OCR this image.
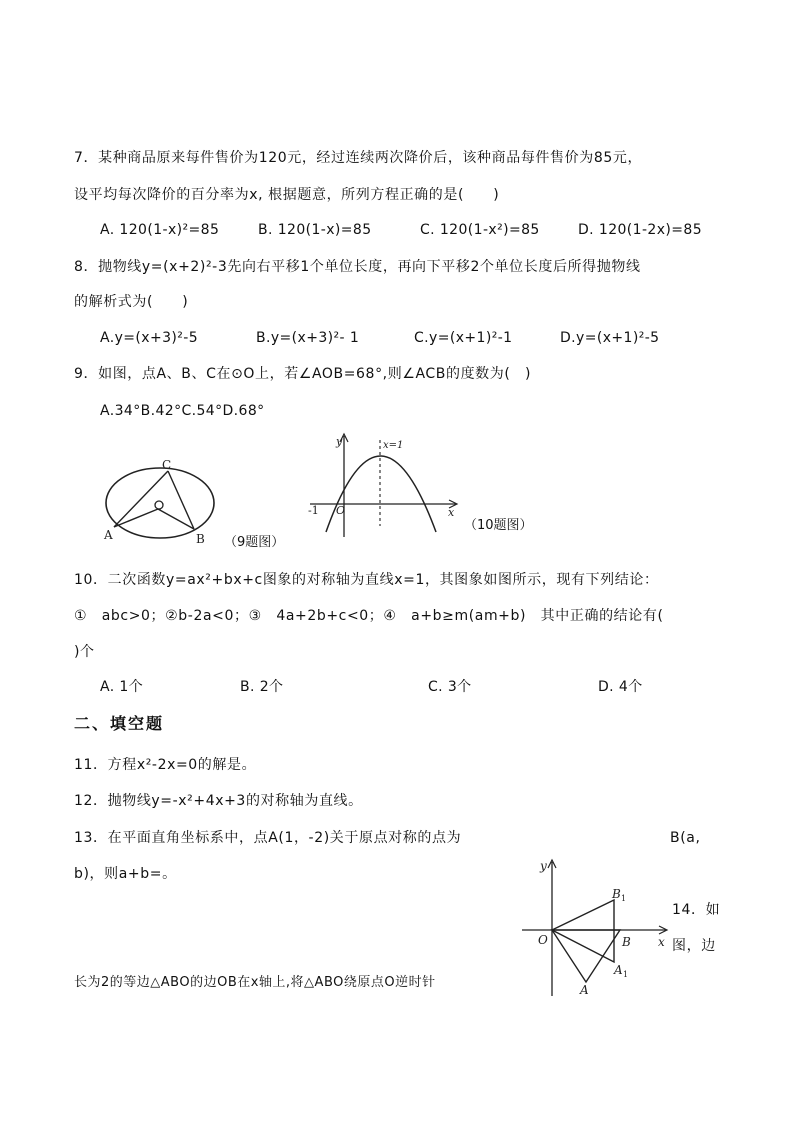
7．某种商品原来每件售价为120元，经过连续两次降价后，该种商品每件售价为85元，
设平均每次降价的百分率为x, 根据题意，所列方程正确的是(　　)
A. 120(1-x)²=85	B. 120(1-x)=85	C. 120(1-x²)=85	D. 120(1-2x)=85
8．抛物线y=(x+2)²-3先向右平移1个单位长度，再向下平移2个单位长度后所得抛物线
的解析式为(　　)
A.y=(x+3)²-5	B.y=(x+3)²- 1	C.y=(x+1)²-1	D.y=(x+1)²-5
9．如图，点A、B、C在⊙O上，若∠AOB=68°,则∠ACB的度数为(　)
A.34°B.42°C.54°D.68°
C
A	B （9题图）
y	x=1
-1 O	x
（10题图）
10．二次函数y=ax²+bx+c图象的对称轴为直线x=1，其图象如图所示，现有下列结论：
①　abc>0；②b-2a<0；③　4a+2b+c<0；④　a+b≥m(am+b)　其中正确的结论有(
)个
A. 1个	B. 2个	C. 3个	D. 4个
二、填空题
11．方程x²-2x=0的解是。
12．抛物线y=-x²+4x+3的对称轴为直线。
13．在平面直角坐标系中，点A(1，-2)关于原点对称的点为	B(a,
b)，则a+b=。	y
x
O	B
B 1
A 1
A
14．如
图，边
长为2的等边△ABO的边OB在x轴上,将△ABO绕原点O逆时针
